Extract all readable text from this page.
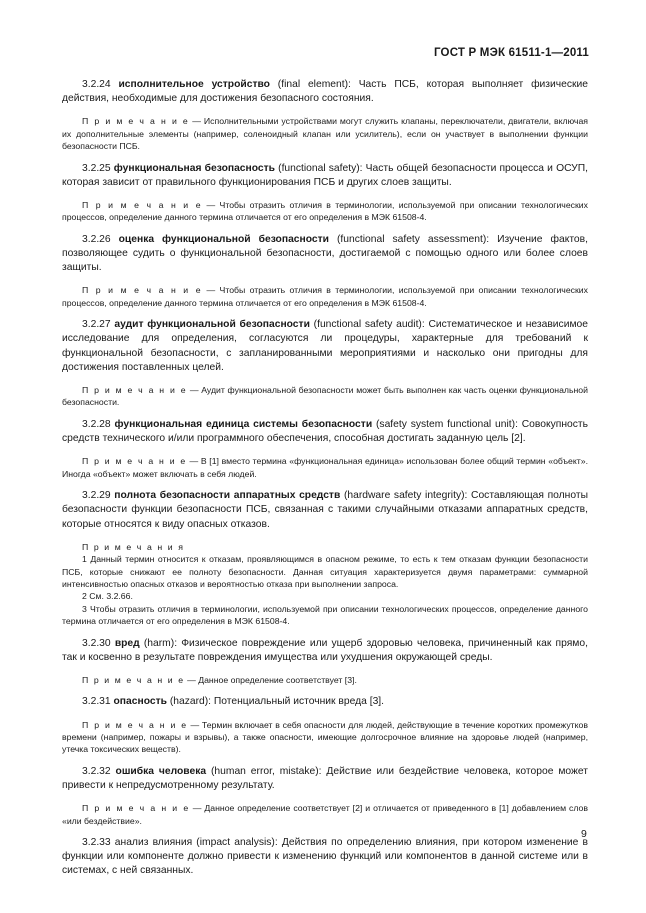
ГОСТ Р МЭК 61511-1—2011

3.2.24 исполнительное устройство (final element): Часть ПСБ, которая выполняет физические действия, необходимые для достижения безопасного состояния.

П р и м е ч а н и е — Исполнительными устройствами могут служить клапаны, переключатели, двигатели, включая их дополнительные элементы (например, соленоидный клапан или усилитель), если он участвует в выполнении функции безопасности ПСБ.

3.2.25 функциональная безопасность (functional safety): Часть общей безопасности процесса и ОСУП, которая зависит от правильного функционирования ПСБ и других слоев защиты.

П р и м е ч а н и е — Чтобы отразить отличия в терминологии, используемой при описании технологических процессов, определение данного термина отличается от его определения в МЭК 61508-4.

3.2.26 оценка функциональной безопасности (functional safety assessment): Изучение фактов, позволяющее судить о функциональной безопасности, достигаемой с помощью одного или более слоев защиты.

П р и м е ч а н и е — Чтобы отразить отличия в терминологии, используемой при описании технологических процессов, определение данного термина отличается от его определения в МЭК 61508-4.

3.2.27 аудит функциональной безопасности (functional safety audit): Систематическое и независимое исследование для определения, согласуются ли процедуры, характерные для требований к функциональной безопасности, с запланированными мероприятиями и насколько они пригодны для достижения поставленных целей.

П р и м е ч а н и е — Аудит функциональной безопасности может быть выполнен как часть оценки функциональной безопасности.

3.2.28 функциональная единица системы безопасности (safety system functional unit): Совокупность средств технического и/или программного обеспечения, способная достигать заданную цель [2].

П р и м е ч а н и е — В [1] вместо термина «функциональная единица» использован более общий термин «объект». Иногда «объект» может включать в себя людей.

3.2.29 полнота безопасности аппаратных средств (hardware safety integrity): Составляющая полноты безопасности функции безопасности ПСБ, связанная с такими случайными отказами аппаратных средств, которые относятся к виду опасных отказов.

П р и м е ч а н и я

1 Данный термин относится к отказам, проявляющимся в опасном режиме, то есть к тем отказам функции безопасности ПСБ, которые снижают ее полноту безопасности. Данная ситуация характеризуется двумя параметрами: суммарной интенсивностью опасных отказов и вероятностью отказа при выполнении запроса.

2 См. 3.2.66.

3 Чтобы отразить отличия в терминологии, используемой при описании технологических процессов, определение данного термина отличается от его определения в МЭК 61508-4.

3.2.30 вред (harm): Физическое повреждение или ущерб здоровью человека, причиненный как прямо, так и косвенно в результате повреждения имущества или ухудшения окружающей среды.

П р и м е ч а н и е — Данное определение соответствует [3].

3.2.31 опасность (hazard): Потенциальный источник вреда [3].

П р и м е ч а н и е — Термин включает в себя опасности для людей, действующие в течение коротких промежутков времени (например, пожары и взрывы), а также опасности, имеющие долгосрочное влияние на здоровье людей (например, утечка токсических веществ).

3.2.32 ошибка человека (human error, mistake): Действие или бездействие человека, которое может привести к непредусмотренному результату.

П р и м е ч а н и е — Данное определение соответствует [2] и отличается от приведенного в [1] добавлением слов «или бездействие».

3.2.33 анализ влияния (impact analysis): Действия по определению влияния, при котором изменение в функции или компоненте должно привести к изменению функций или компонентов в данной системе или в системах, с ней связанных.

9
